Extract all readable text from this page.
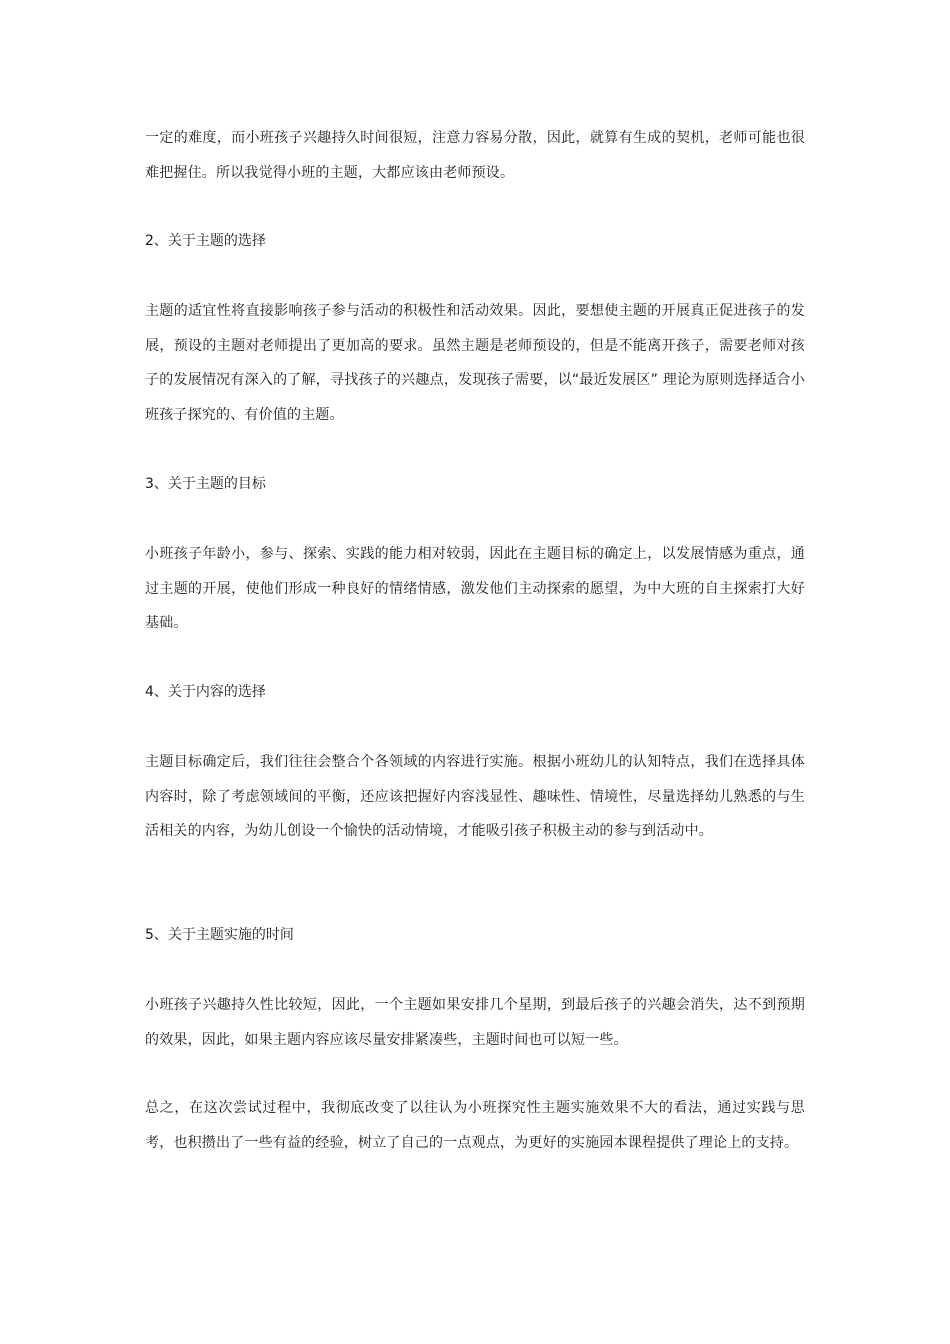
一定的难度，而小班孩子兴趣持久时间很短，注意力容易分散，因此，就算有生成的契机，老师可能也很难把握住。所以我觉得小班的主题，大都应该由老师预设。

2、关于主题的选择

主题的适宜性将直接影响孩子参与活动的积极性和活动效果。因此，要想使主题的开展真正促进孩子的发展，预设的主题对老师提出了更加高的要求。虽然主题是老师预设的，但是不能离开孩子，需要老师对孩子的发展情况有深入的了解，寻找孩子的兴趣点，发现孩子需要，以“最近发展区” 理论为原则选择适合小班孩子探究的、有价值的主题。

3、关于主题的目标

小班孩子年龄小，参与、探索、实践的能力相对较弱，因此在主题目标的确定上，以发展情感为重点，通过主题的开展，使他们形成一种良好的情绪情感，激发他们主动探索的愿望，为中大班的自主探索打大好基础。

4、关于内容的选择

主题目标确定后，我们往往会整合个各领域的内容进行实施。根据小班幼儿的认知特点，我们在选择具体内容时，除了考虑领域间的平衡，还应该把握好内容浅显性、趣味性、情境性，尽量选择幼儿熟悉的与生活相关的内容，为幼儿创设一个愉快的活动情境，才能吸引孩子积极主动的参与到活动中。

5、关于主题实施的时间

小班孩子兴趣持久性比较短，因此，一个主题如果安排几个星期，到最后孩子的兴趣会消失，达不到预期的效果，因此，如果主题内容应该尽量安排紧凑些，主题时间也可以短一些。

总之，在这次尝试过程中，我彻底改变了以往认为小班探究性主题实施效果不大的看法，通过实践与思考，也积攒出了一些有益的经验，树立了自己的一点观点，为更好的实施园本课程提供了理论上的支持。
